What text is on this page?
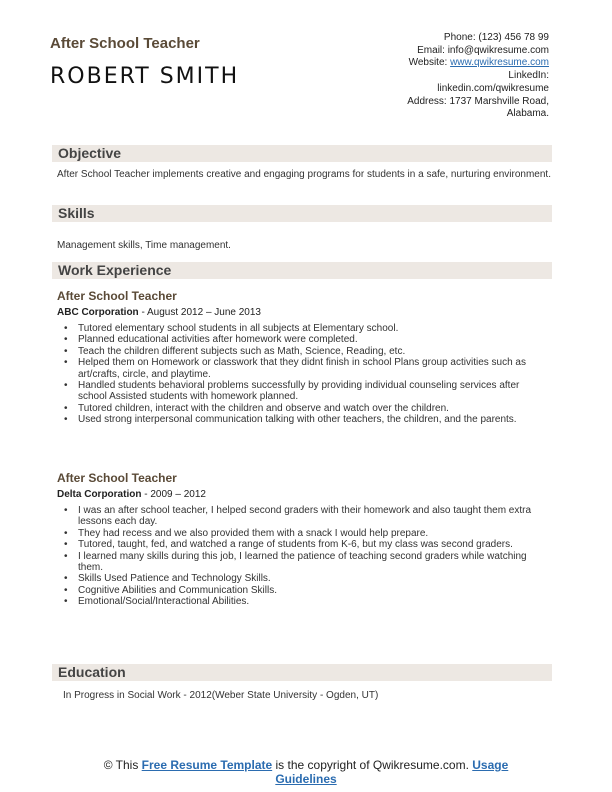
After School Teacher
ROBERT SMITH
Phone: (123) 456 78 99
Email: info@qwikresume.com
Website: www.qwikresume.com
LinkedIn:
linkedin.com/qwikresume
Address: 1737 Marshville Road,
Alabama.
Objective
After School Teacher implements creative and engaging programs for students in a safe, nurturing environment.
Skills
Management skills, Time management.
Work Experience
After School Teacher
ABC Corporation - August 2012 – June 2013
• Tutored elementary school students in all subjects at Elementary school.
• Planned educational activities after homework were completed.
• Teach the children different subjects such as Math, Science, Reading, etc.
• Helped them on Homework or classwork that they didnt finish in school Plans group activities such as art/crafts, circle, and playtime.
• Handled students behavioral problems successfully by providing individual counseling services after school Assisted students with homework planned.
• Tutored children, interact with the children and observe and watch over the children.
• Used strong interpersonal communication talking with other teachers, the children, and the parents.
After School Teacher
Delta Corporation - 2009 – 2012
• I was an after school teacher, I helped second graders with their homework and also taught them extra lessons each day.
• They had recess and we also provided them with a snack I would help prepare.
• Tutored, taught, fed, and watched a range of students from K-6, but my class was second graders.
• I learned many skills during this job, I learned the patience of teaching second graders while watching them.
• Skills Used Patience and Technology Skills.
• Cognitive Abilities and Communication Skills.
• Emotional/Social/Interactional Abilities.
Education
In Progress in Social Work - 2012(Weber State University - Ogden, UT)
© This Free Resume Template is the copyright of Qwikresume.com. Usage
Guidelines
